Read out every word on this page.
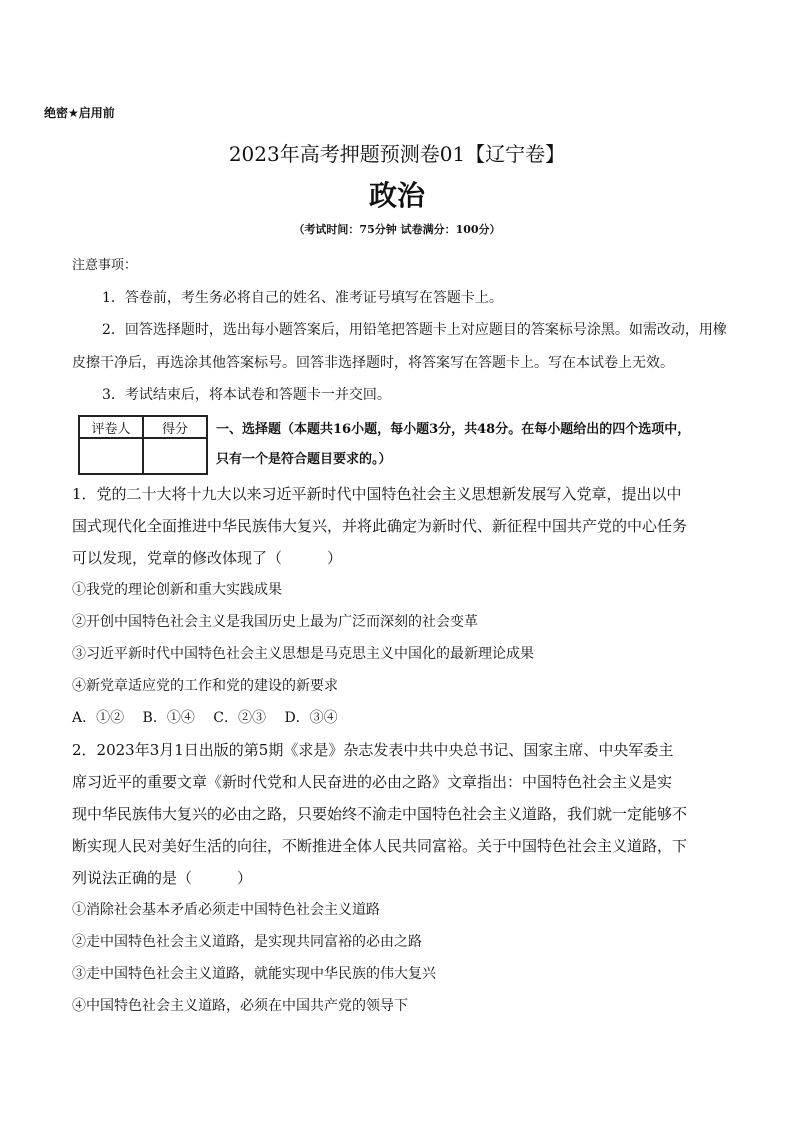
绝密★启用前
2023年高考押题预测卷01【辽宁卷】
政治
（考试时间：75分钟 试卷满分：100分）
注意事项：
1．答卷前，考生务必将自己的姓名、准考证号填写在答题卡上。
2．回答选择题时，选出每小题答案后，用铅笔把答题卡上对应题目的答案标号涂黑。如需改动，用橡
皮擦干净后，再选涂其他答案标号。回答非选择题时，将答案写在答题卡上。写在本试卷上无效。
3．考试结束后，将本试卷和答题卡一并交回。
评卷人	得分
	一、选择题（本题共16小题，每小题3分，共48分。在每小题给出的四个选项中，
只有一个是符合题目要求的。）
1．党的二十大将十九大以来习近平新时代中国特色社会主义思想新发展写入党章，提出以中
国式现代化全面推进中华民族伟大复兴，并将此确定为新时代、新征程中国共产党的中心任务
可以发现，党章的修改体现了（　　　）
①我党的理论创新和重大实践成果
②开创中国特色社会主义是我国历史上最为广泛而深刻的社会变革
③习近平新时代中国特色社会主义思想是马克思主义中国化的最新理论成果
④新党章适应党的工作和党的建设的新要求
A．①②　 B．①④　 C．②③　 D．③④
2．2023年3月1日出版的第5期《求是》杂志发表中共中央总书记、国家主席、中央军委主
席习近平的重要文章《新时代党和人民奋进的必由之路》文章指出：中国特色社会主义是实
现中华民族伟大复兴的必由之路，只要始终不渝走中国特色社会主义道路，我们就一定能够不
断实现人民对美好生活的向往，不断推进全体人民共同富裕。关于中国特色社会主义道路，下
列说法正确的是（　　　）
①消除社会基本矛盾必须走中国特色社会主义道路
②走中国特色社会主义道路，是实现共同富裕的必由之路
③走中国特色社会主义道路，就能实现中华民族的伟大复兴
④中国特色社会主义道路，必须在中国共产党的领导下
